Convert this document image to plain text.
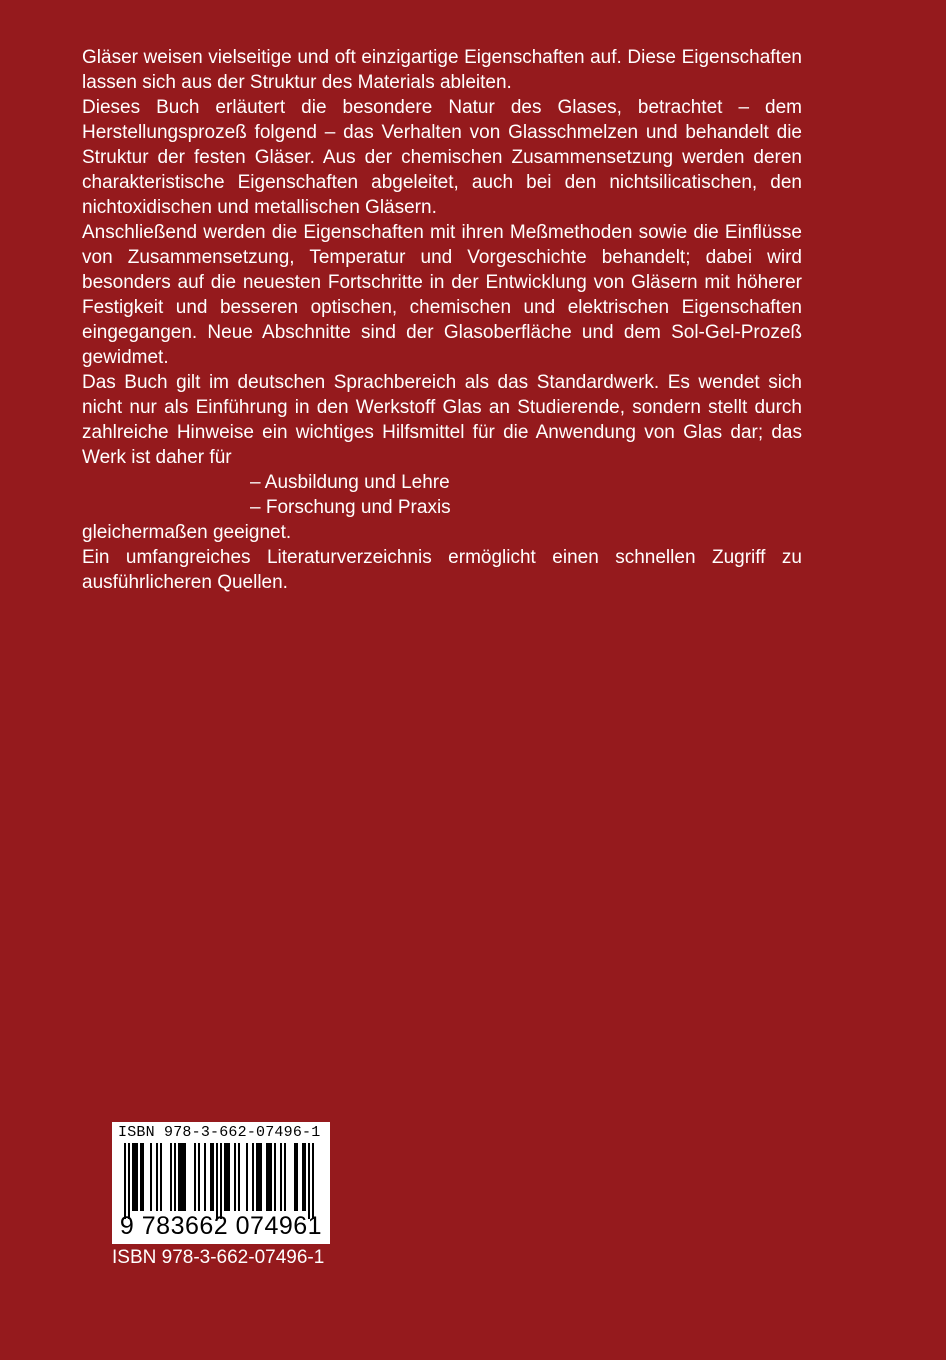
Gläser weisen vielseitige und oft einzigartige Eigenschaften auf. Diese Eigenschaften lassen sich aus der Struktur des Materials ableiten.

Dieses Buch erläutert die besondere Natur des Glases, betrachtet – dem Herstellungsprozeß folgend – das Verhalten von Glasschmelzen und behandelt die Struktur der festen Gläser. Aus der chemischen Zusammensetzung werden deren charakteristische Eigenschaften abgeleitet, auch bei den nichtsilicatischen, den nichtoxidischen und metallischen Gläsern.

Anschließend werden die Eigenschaften mit ihren Meßmethoden sowie die Einflüsse von Zusammensetzung, Temperatur und Vorgeschichte behandelt; dabei wird besonders auf die neuesten Fortschritte in der Entwicklung von Gläsern mit höherer Festigkeit und besseren optischen, chemischen und elektrischen Eigenschaften eingegangen. Neue Abschnitte sind der Glasoberfläche und dem Sol-Gel-Prozeß gewidmet.

Das Buch gilt im deutschen Sprachbereich als das Standardwerk. Es wendet sich nicht nur als Einführung in den Werkstoff Glas an Studierende, sondern stellt durch zahlreiche Hinweise ein wichtiges Hilfsmittel für die Anwendung von Glas dar; das Werk ist daher für

– Ausbildung und Lehre
– Forschung und Praxis

gleichermaßen geeignet.

Ein umfangreiches Literaturverzeichnis ermöglicht einen schnellen Zugriff zu ausführlicheren Quellen.

ISBN 978-3-662-07496-1
9 783662 074961
ISBN 978-3-662-07496-1
